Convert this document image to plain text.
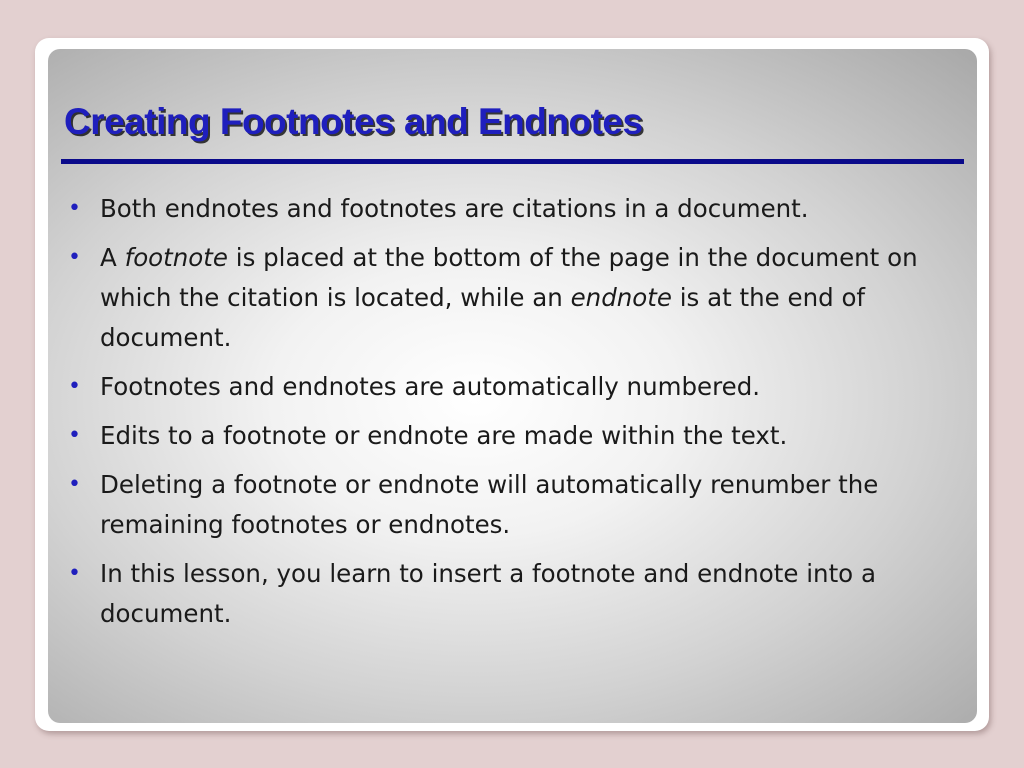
Creating Footnotes and Endnotes
• Both endnotes and footnotes are citations in a document.
• A footnote is placed at the bottom of the page in the document on which the citation is located, while an endnote is at the end of document.
• Footnotes and endnotes are automatically numbered.
• Edits to a footnote or endnote are made within the text.
• Deleting a footnote or endnote will automatically renumber the remaining footnotes or endnotes.
• In this lesson, you learn to insert a footnote and endnote into a document.
